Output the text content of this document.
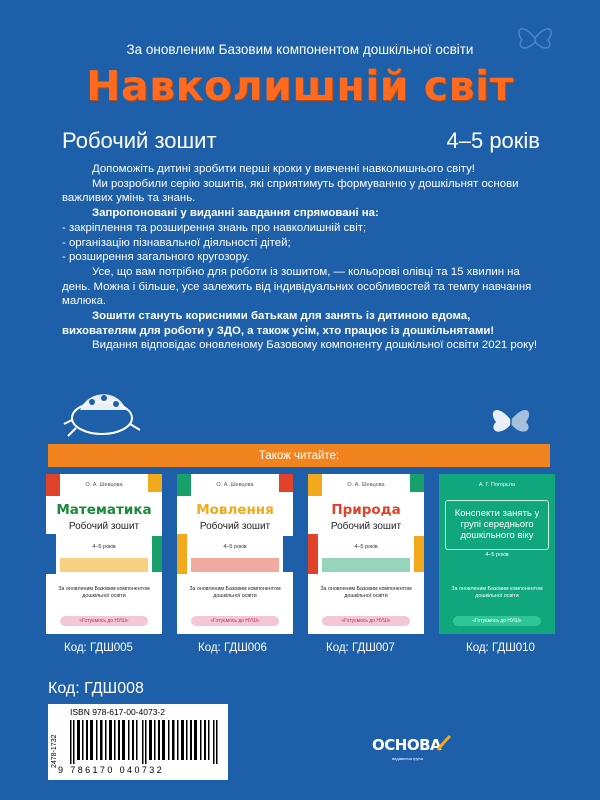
За оновленим Базовим компонентом дошкільної освіти
Навколишній світ
Робочий зошит	4–5 років

Допоможіть дитині зробити перші кроки у вивченні навколишнього світу!

Ми розробили серію зошитів, які сприятимуть формуванню у дошкільнят основи важливих умінь та знань.

Запропоновані у виданні завдання спрямовані на:

- закріплення та розширення знань про навколишній світ;
- організацію пізнавальної діяльності дітей;
- розширення загального кругозору.

Усе, що вам потрібно для роботи із зошитом, — кольорові олівці та 15 хвилин на день. Можна і більше, усе залежить від індивідуальних особливостей та темпу навчання малюка.

Зошити стануть корисними батькам для занять із дитиною вдома, вихователям для роботи у ЗДО, а також усім, хто працює із дошкільнятами!

Видання відповідає оновленому Базовому компоненту дошкільної освіти 2021 року!

Також читайте:
О. А. Шевцова
Математика
Робочий зошит
4–5 років
За оновленим Базовим компонентом дошкільної освіти
«Готуємось до НУШ»
О. А. Шевцова
Мовлення
Робочий зошит
4–5 років
За оновленим Базовим компонентом дошкільної освіти
«Готуємось до НУШ»
О. А. Шевцова
Природа
Робочий зошит
4–5 років
За оновленим Базовим компонентом дошкільної освіти
«Готуємось до НУШ»
А. Г. Погорєла
Конспекти занять у групі середнього дошкільного віку
4–5 років
За оновленим Базовим компонентом дошкільної освіти
«Готуємось до НУШ»
Код: ГДШ005	Код: ГДШ006	Код: ГДШ007	Код: ГДШ010
Код: ГДШ008
2478-1732
ISBN 978-617-00-4073-2
9 786170 040732
ОСНОВА
видавнича група
